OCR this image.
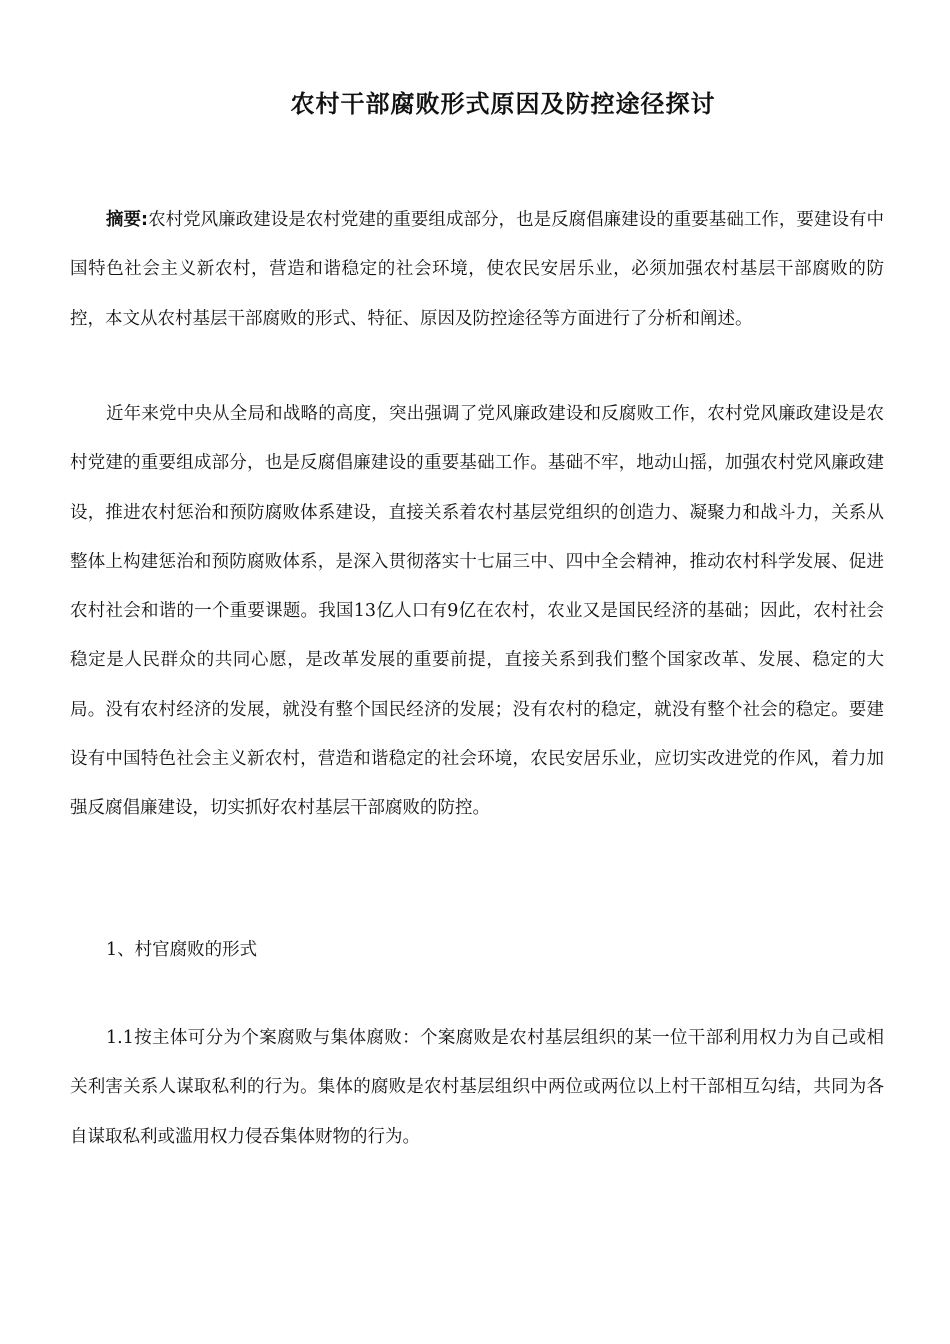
农村干部腐败形式原因及防控途径探讨

摘要:农村党风廉政建设是农村党建的重要组成部分，也是反腐倡廉建设的重要基础工作，要建设有中国特色社会主义新农村，营造和谐稳定的社会环境，使农民安居乐业，必须加强农村基层干部腐败的防控，本文从农村基层干部腐败的形式、特征、原因及防控途径等方面进行了分析和阐述。

近年来党中央从全局和战略的高度，突出强调了党风廉政建设和反腐败工作，农村党风廉政建设是农村党建的重要组成部分，也是反腐倡廉建设的重要基础工作。基础不牢，地动山摇，加强农村党风廉政建设，推进农村惩治和预防腐败体系建设，直接关系着农村基层党组织的创造力、凝聚力和战斗力，关系从整体上构建惩治和预防腐败体系，是深入贯彻落实十七届三中、四中全会精神，推动农村科学发展、促进农村社会和谐的一个重要课题。我国13亿人口有9亿在农村，农业又是国民经济的基础；因此，农村社会稳定是人民群众的共同心愿，是改革发展的重要前提，直接关系到我们整个国家改革、发展、稳定的大局。没有农村经济的发展，就没有整个国民经济的发展；没有农村的稳定，就没有整个社会的稳定。要建设有中国特色社会主义新农村，营造和谐稳定的社会环境，农民安居乐业，应切实改进党的作风，着力加强反腐倡廉建设，切实抓好农村基层干部腐败的防控。

1、村官腐败的形式

1.1按主体可分为个案腐败与集体腐败：个案腐败是农村基层组织的某一位干部利用权力为自己或相关利害关系人谋取私利的行为。集体的腐败是农村基层组织中两位或两位以上村干部相互勾结，共同为各自谋取私利或滥用权力侵吞集体财物的行为。
